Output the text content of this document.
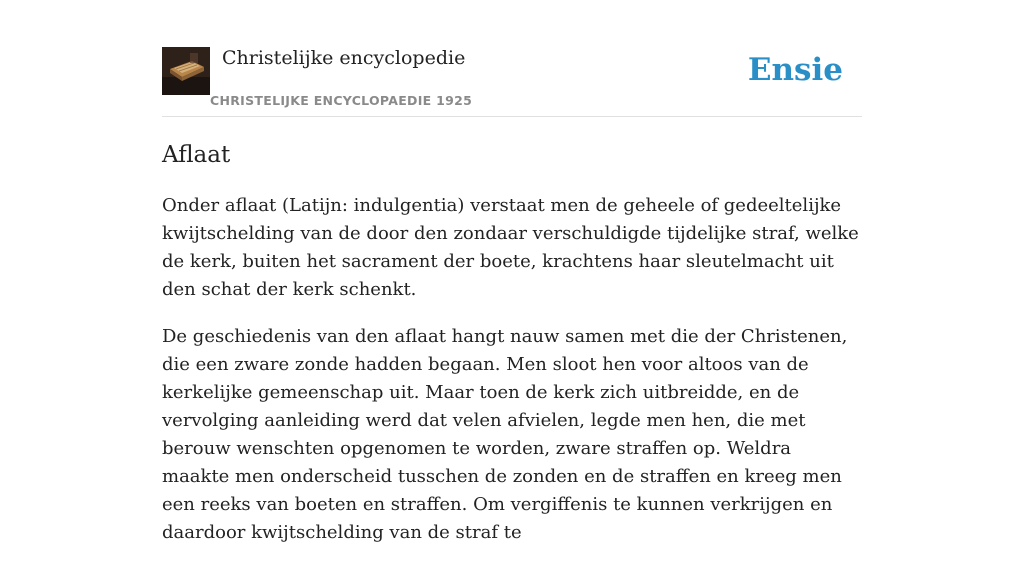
Christelijke encyclopedie
CHRISTELIJKE ENCYCLOPAEDIE 1925
Ensie
Aflaat

Onder aflaat (Latijn: indulgentia) verstaat men de geheele of gedeeltelijke kwijtschelding van de door den zondaar verschuldigde tijdelijke straf, welke de kerk, buiten het sacrament der boete, krachtens haar sleutelmacht uit den schat der kerk schenkt.

De geschiedenis van den aflaat hangt nauw samen met die der Christenen, die een zware zonde hadden begaan. Men sloot hen voor altoos van de kerkelijke gemeenschap uit. Maar toen de kerk zich uitbreidde, en de vervolging aanleiding werd dat velen afvielen, legde men hen, die met berouw wenschten opgenomen te worden, zware straffen op. Weldra maakte men onderscheid tusschen de zonden en de straffen en kreeg men een reeks van boeten en straffen. Om vergiffenis te kunnen verkrijgen en daardoor kwijtschelding van de straf te
